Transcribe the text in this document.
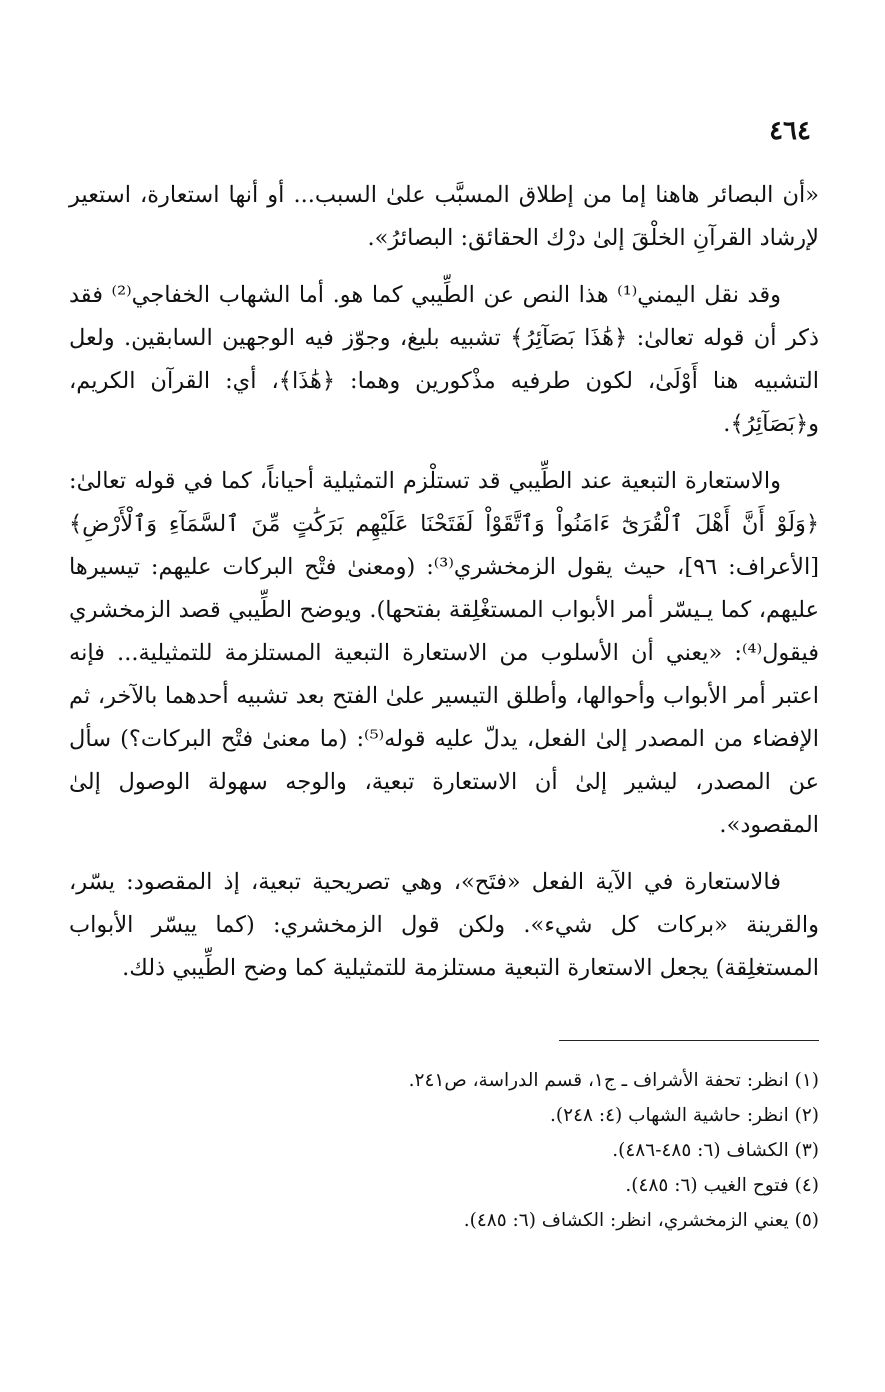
٤٦٤

«أن البصائر هاهنا إما من إطلاق المسبَّب علىٰ السبب... أو أنها استعارة، استعير لإرشاد القرآنِ الخلْقَ إلىٰ درْك الحقائق: البصائرُ».

وقد نقل اليمني⁽¹⁾ هذا النص عن الطِّيبي كما هو. أما الشهاب الخفاجي⁽²⁾ فقد ذكر أن قوله تعالىٰ: ﴿هَٰذَا بَصَآئِرُ﴾ تشبيه بليغ، وجوّز فيه الوجهين السابقين. ولعل التشبيه هنا أَوْلَىٰ، لكون طرفيه مذْكورين وهما: ﴿هَٰذَا﴾، أي: القرآن الكريم، و﴿بَصَآئِرُ﴾.

والاستعارة التبعية عند الطِّيبي قد تستلْزم التمثيلية أحياناً، كما في قوله تعالىٰ: ﴿وَلَوْ أَنَّ أَهْلَ ٱلْقُرَىٰٓ ءَامَنُواْ وَٱتَّقَوْاْ لَفَتَحْنَا عَلَيْهِم بَرَكَٰتٍ مِّنَ ٱلسَّمَآءِ وَٱلْأَرْضِ﴾ [الأعراف: ٩٦]، حيث يقول الزمخشري⁽³⁾: (ومعنىٰ فتْح البركات عليهم: تيسيرها عليهم، كما يـيسّر أمر الأبواب المستغْلِقة بفتحها). ويوضح الطِّيبي قصد الزمخشري فيقول⁽⁴⁾: «يعني أن الأسلوب من الاستعارة التبعية المستلزمة للتمثيلية... فإنه اعتبر أمر الأبواب وأحوالها، وأطلق التيسير علىٰ الفتح بعد تشبيه أحدهما بالآخر، ثم الإفضاء من المصدر إلىٰ الفعل، يدلّ عليه قوله⁽⁵⁾: (ما معنىٰ فتْح البركات؟) سأل عن المصدر، ليشير إلىٰ أن الاستعارة تبعية، والوجه سهولة الوصول إلىٰ المقصود».

فالاستعارة في الآية الفعل «فتَح»، وهي تصريحية تبعية، إذ المقصود: يسّر، والقرينة «بركات كل شيء». ولكن قول الزمخشري: (كما ييسّر الأبواب المستغلِقة) يجعل الاستعارة التبعية مستلزمة للتمثيلية كما وضح الطِّيبي ذلك.

(١) انظر: تحفة الأشراف ـ ج١، قسم الدراسة، ص٢٤١.
(٢) انظر: حاشية الشهاب (٤: ٢٤٨).
(٣) الكشاف (٦: ٤٨٥-٤٨٦).
(٤) فتوح الغيب (٦: ٤٨٥).
(٥) يعني الزمخشري، انظر: الكشاف (٦: ٤٨٥).
